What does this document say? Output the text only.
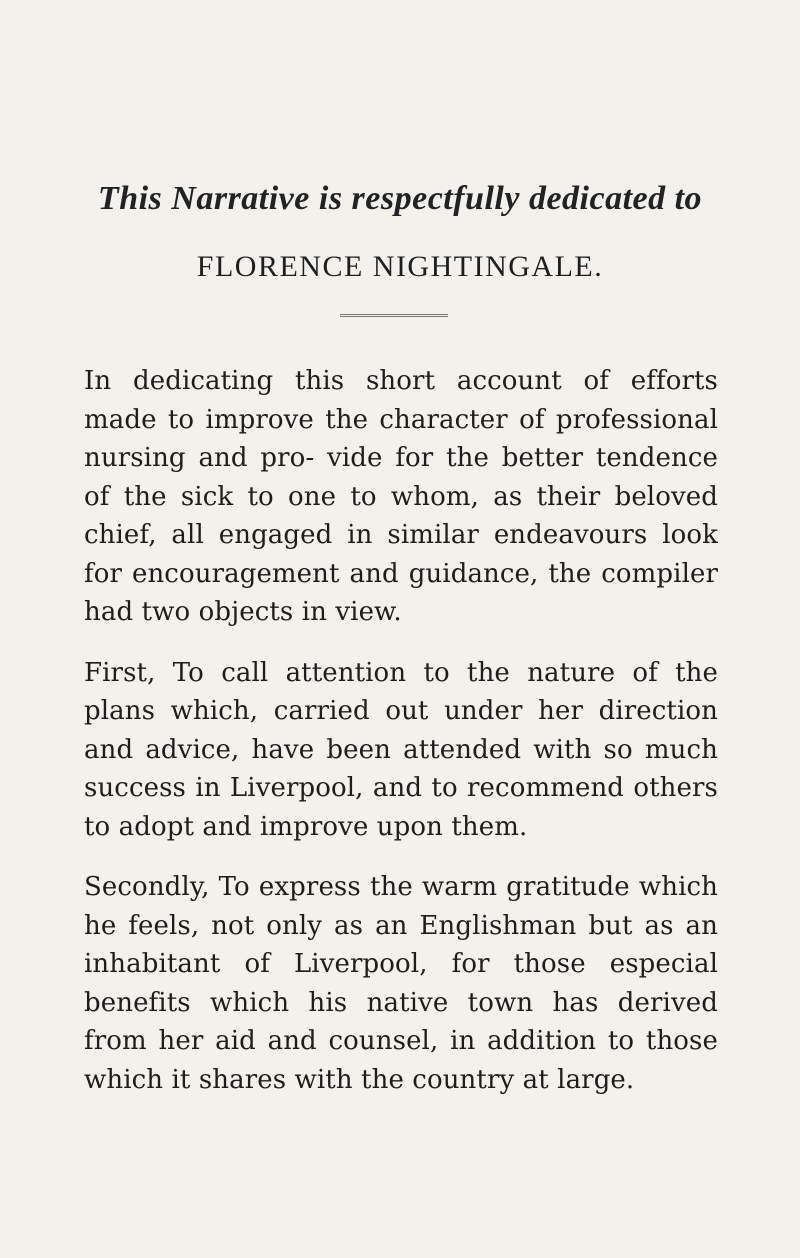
This Narrative is respectfully dedicated to
FLORENCE NIGHTINGALE.

In dedicating this short account of efforts made to improve the character of professional nursing and pro- vide for the better tendence of the sick to one to whom, as their beloved chief, all engaged in similar endeavours look for encouragement and guidance, the compiler had two objects in view.

First, To call attention to the nature of the plans which, carried out under her direction and advice, have been attended with so much success in Liverpool, and to recommend others to adopt and improve upon them.

Secondly, To express the warm gratitude which he feels, not only as an Englishman but as an inhabitant of Liverpool, for those especial benefits which his native town has derived from her aid and counsel, in addition to those which it shares with the country at large.
